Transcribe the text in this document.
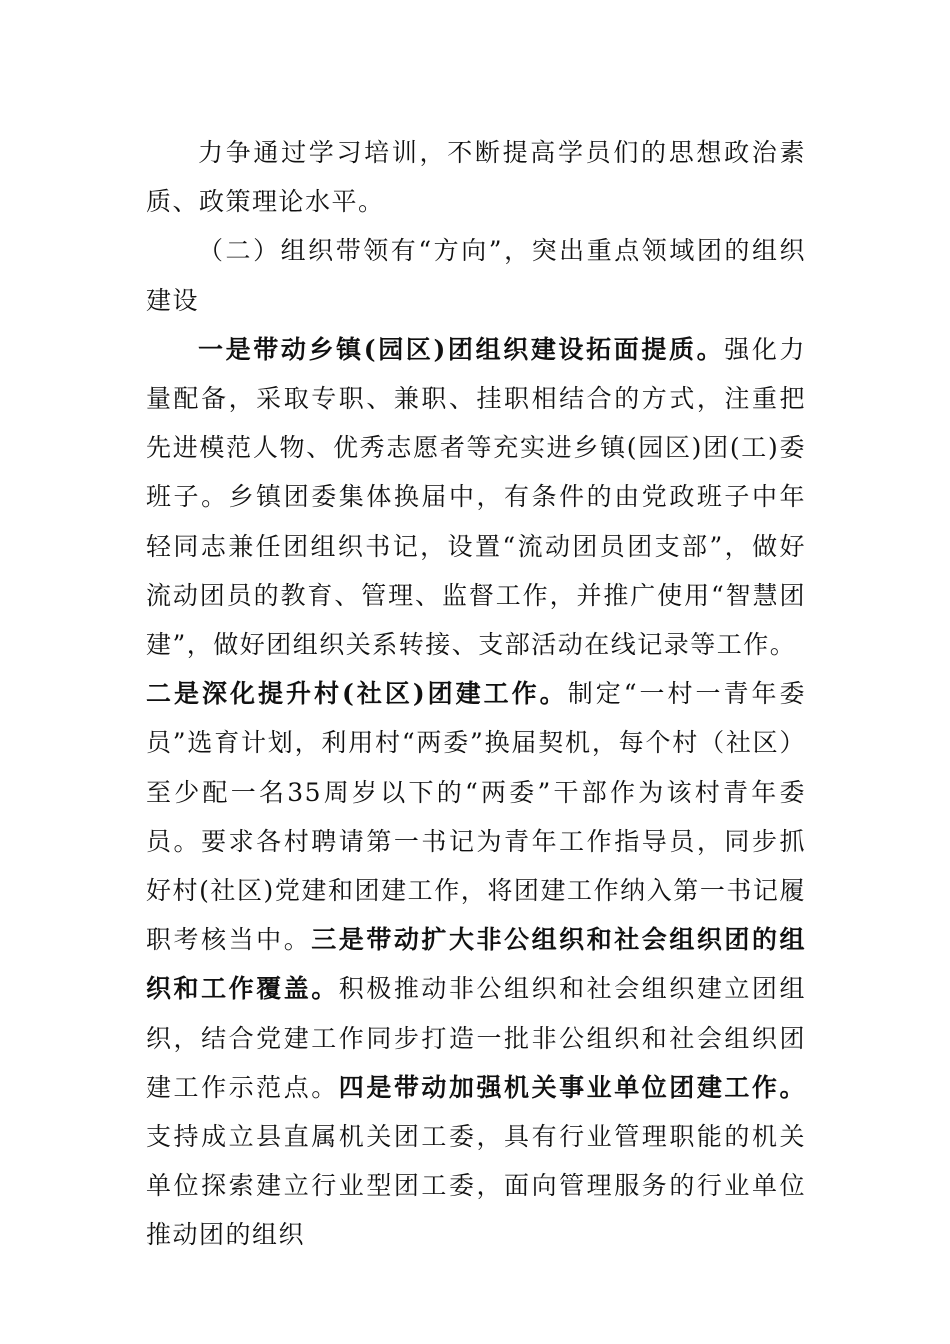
力争通过学习培训，不断提高学员们的思想政治素质、政策理论水平。

（二）组织带领有“方向”，突出重点领域团的组织建设

一是带动乡镇(园区)团组织建设拓面提质。强化力量配备，采取专职、兼职、挂职相结合的方式，注重把先进模范人物、优秀志愿者等充实进乡镇(园区)团(工)委班子。乡镇团委集体换届中，有条件的由党政班子中年轻同志兼任团组织书记，设置“流动团员团支部”，做好流动团员的教育、管理、监督工作，并推广使用“智慧团建”，做好团组织关系转接、支部活动在线记录等工作。

二是深化提升村(社区)团建工作。制定“一村一青年委员”选育计划，利用村“两委”换届契机，每个村（社区）至少配一名35周岁以下的“两委”干部作为该村青年委员。要求各村聘请第一书记为青年工作指导员，同步抓好村(社区)党建和团建工作，将团建工作纳入第一书记履职考核当中。三是带动扩大非公组织和社会组织团的组织和工作覆盖。积极推动非公组织和社会组织建立团组织，结合党建工作同步打造一批非公组织和社会组织团建工作示范点。四是带动加强机关事业单位团建工作。支持成立县直属机关团工委，具有行业管理职能的机关单位探索建立行业型团工委，面向管理服务的行业单位推动团的组织
